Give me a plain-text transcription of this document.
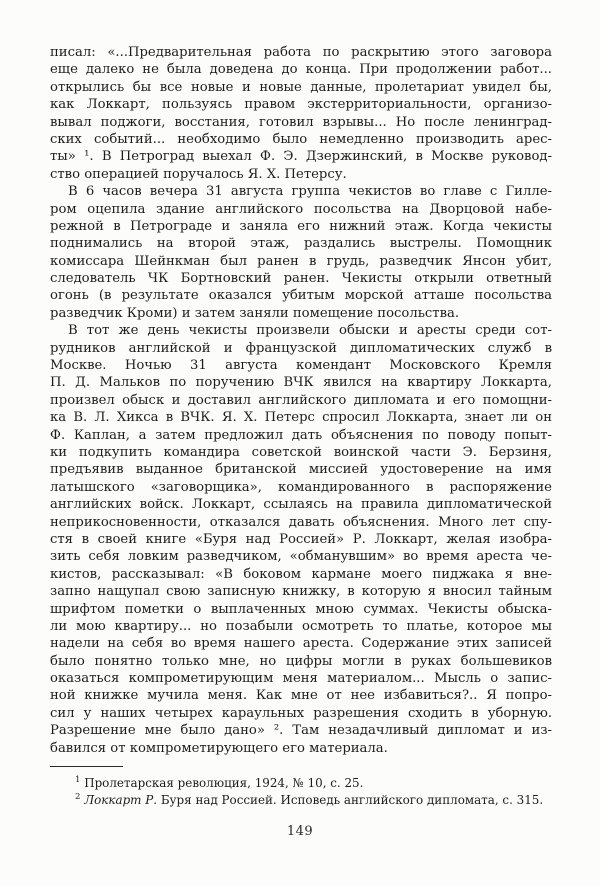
писал: «...Предварительная работа по раскрытию этого заговора
еще далеко не была доведена до конца. При продолжении работ...
открылись бы все новые и новые данные, пролетариат увидел бы,
как Локкарт, пользуясь правом экстерриториальности, организо-
вывал поджоги, восстания, готовил взрывы... Но после ленинград-
ских событий... необходимо было немедленно производить арес-
ты» ¹. В Петроград выехал Ф. Э. Дзержинский, в Москве руковод-
ство операцией поручалось Я. Х. Петерсу.
В 6 часов вечера 31 августа группа чекистов во главе с Гилле-
ром оцепила здание английского посольства на Дворцовой набе-
режной в Петрограде и заняла его нижний этаж. Когда чекисты
поднимались на второй этаж, раздались выстрелы. Помощник
комиссара Шейнкман был ранен в грудь, разведчик Янсон убит,
следователь ЧК Бортновский ранен. Чекисты открыли ответный
огонь (в результате оказался убитым морской атташе посольства
разведчик Кроми) и затем заняли помещение посольства.
В тот же день чекисты произвели обыски и аресты среди сот-
рудников английской и французской дипломатических служб в
Москве. Ночью 31 августа комендант Московского Кремля
П. Д. Мальков по поручению ВЧК явился на квартиру Локкарта,
произвел обыск и доставил английского дипломата и его помощни-
ка В. Л. Хикса в ВЧК. Я. Х. Петерс спросил Локкарта, знает ли он
Ф. Каплан, а затем предложил дать объяснения по поводу попыт-
ки подкупить командира советской воинской части Э. Берзиня,
предъявив выданное британской миссией удостоверение на имя
латышского «заговорщика», командированного в распоряжение
английских войск. Локкарт, ссылаясь на правила дипломатической
неприкосновенности, отказался давать объяснения. Много лет спу-
стя в своей книге «Буря над Россией» Р. Локкарт, желая изобра-
зить себя ловким разведчиком, «обманувшим» во время ареста че-
кистов, рассказывал: «В боковом кармане моего пиджака я вне-
запно нащупал свою записную книжку, в которую я вносил тайным
шрифтом пометки о выплаченных мною суммах. Чекисты обыска-
ли мою квартиру... но позабыли осмотреть то платье, которое мы
надели на себя во время нашего ареста. Содержание этих записей
было понятно только мне, но цифры могли в руках большевиков
оказаться компрометирующим меня материалом... Мысль о запис-
ной книжке мучила меня. Как мне от нее избавиться?.. Я попро-
сил у наших четырех караульных разрешения сходить в уборную.
Разрешение мне было дано» ². Там незадачливый дипломат и из-
бавился от компрометирующего его материала.
$^1$ Пролетарская революция, 1924, № 10, с. 25.
$^2$ Локкарт Р. Буря над Россией. Исповедь английского дипломата, с. 315.
149
